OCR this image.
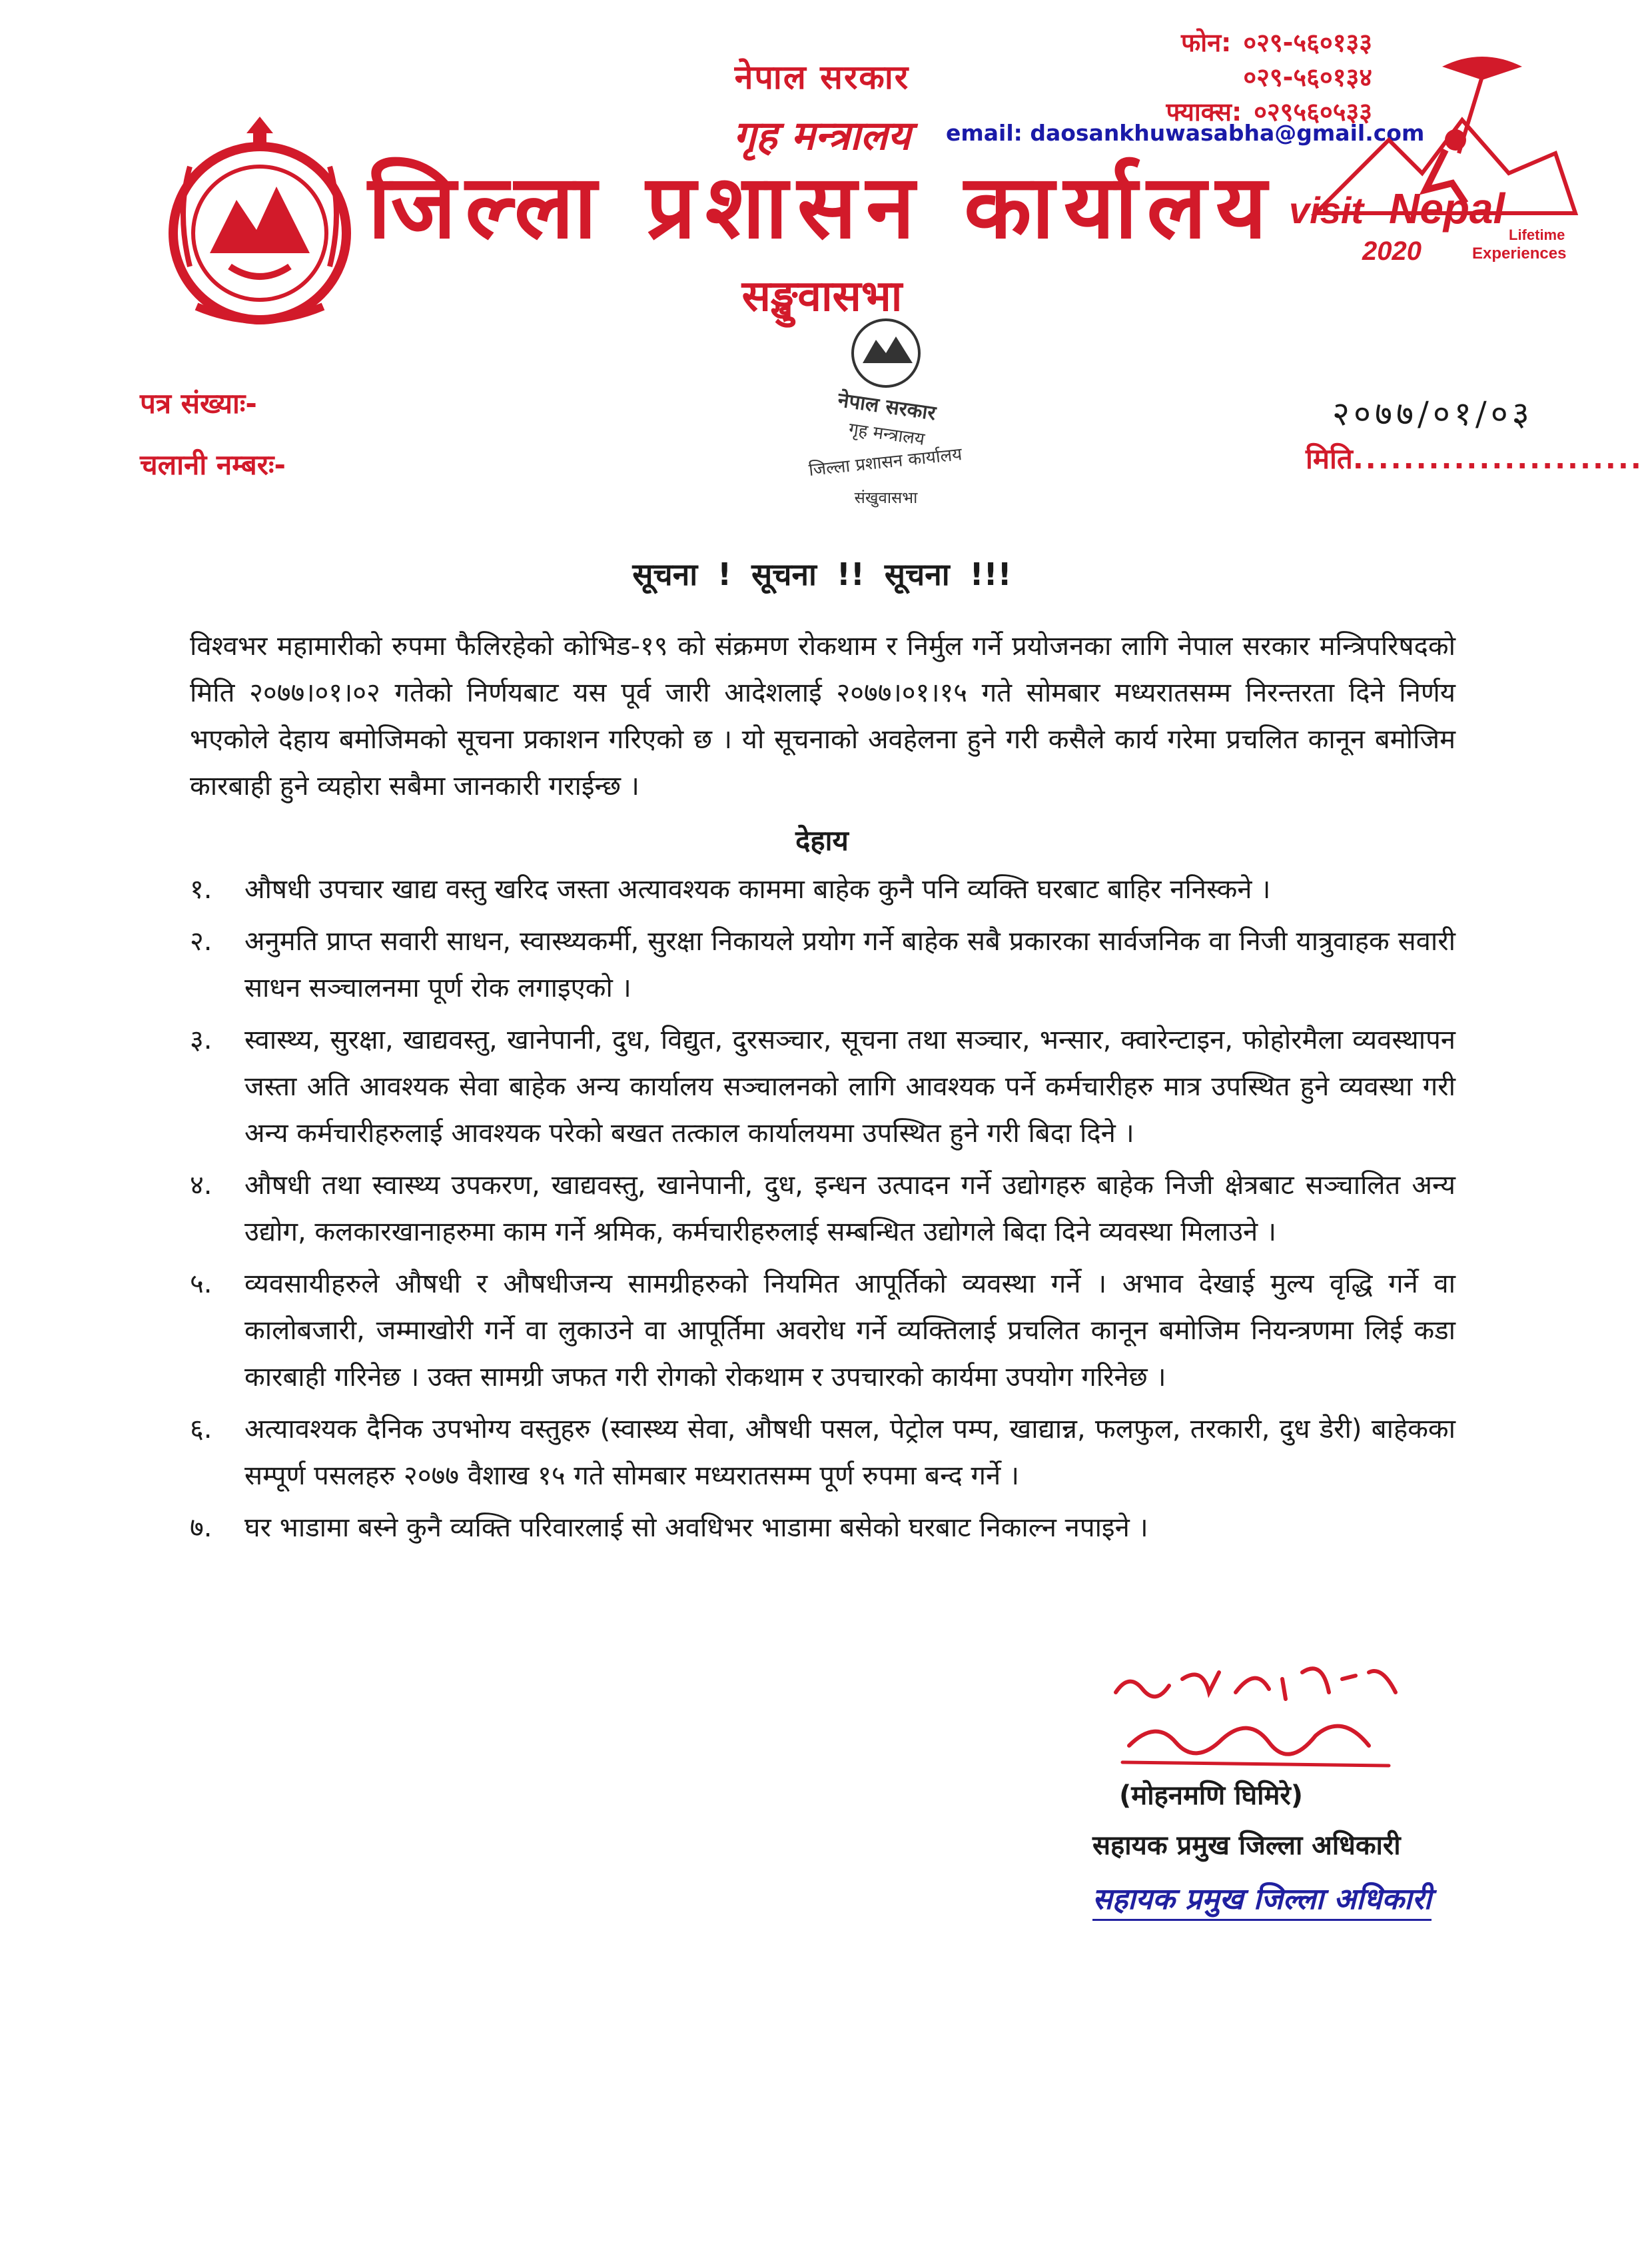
नेपाल सरकार
गृह मन्त्रालय
जिल्ला प्रशासन कार्यालय
सङ्खुवासभा
फोन: ०२९-५६०१३३
०२९-५६०१३४
फ्याक्स: ०२९५६०५३३
email: daosankhuwasabha@gmail.com
visit Nepal
2020
Lifetime
Experiences
पत्र संख्याः-
चलानी नम्बरः-
नेपाल सरकार
गृह मन्त्रालय
जिल्ला प्रशासन कार्यालय
संखुवासभा
२०७७/०१/०३
मिति.......................
सूचना ! सूचना !! सूचना !!!
विश्वभर महामारीको रुपमा फैलिरहेको कोभिड-१९ को संक्रमण रोकथाम र निर्मुल गर्ने प्रयोजनका लागि नेपाल सरकार मन्त्रिपरिषदको मिति २०७७।०१।०२ गतेको निर्णयबाट यस पूर्व जारी आदेशलाई २०७७।०१।१५ गते सोमबार मध्यरातसम्म निरन्तरता दिने निर्णय भएकोले देहाय बमोजिमको सूचना प्रकाशन गरिएको छ । यो सूचनाको अवहेलना हुने गरी कसैले कार्य गरेमा प्रचलित कानून बमोजिम कारबाही हुने व्यहोरा सबैमा जानकारी गराईन्छ ।
देहाय
१.	औषधी उपचार खाद्य वस्तु खरिद जस्ता अत्यावश्यक काममा बाहेक कुनै पनि व्यक्ति घरबाट बाहिर ननिस्कने ।
२.	अनुमति प्राप्त सवारी साधन, स्वास्थ्यकर्मी, सुरक्षा निकायले प्रयोग गर्ने बाहेक सबै प्रकारका सार्वजनिक वा निजी यात्रुवाहक सवारी साधन सञ्चालनमा पूर्ण रोक लगाइएको ।
३.	स्वास्थ्य, सुरक्षा, खाद्यवस्तु, खानेपानी, दुध, विद्युत, दुरसञ्चार, सूचना तथा सञ्चार, भन्सार, क्वारेन्टाइन, फोहोरमैला व्यवस्थापन जस्ता अति आवश्यक सेवा बाहेक अन्य कार्यालय सञ्चालनको लागि आवश्यक पर्ने कर्मचारीहरु मात्र उपस्थित हुने व्यवस्था गरी अन्य कर्मचारीहरुलाई आवश्यक परेको बखत तत्काल कार्यालयमा उपस्थित हुने गरी बिदा दिने ।
४.	औषधी तथा स्वास्थ्य उपकरण, खाद्यवस्तु, खानेपानी, दुध, इन्धन उत्पादन गर्ने उद्योगहरु बाहेक निजी क्षेत्रबाट सञ्चालित अन्य उद्योग, कलकारखानाहरुमा काम गर्ने श्रमिक, कर्मचारीहरुलाई सम्बन्धित उद्योगले बिदा दिने व्यवस्था मिलाउने ।
५.	व्यवसायीहरुले औषधी र औषधीजन्य सामग्रीहरुको नियमित आपूर्तिको व्यवस्था गर्ने । अभाव देखाई मुल्य वृद्धि गर्ने वा कालोबजारी, जम्माखोरी गर्ने वा लुकाउने वा आपूर्तिमा अवरोध गर्ने व्यक्तिलाई प्रचलित कानून बमोजिम नियन्त्रणमा लिई कडा कारबाही गरिनेछ । उक्त सामग्री जफत गरी रोगको रोकथाम र उपचारको कार्यमा उपयोग गरिनेछ ।
६.	अत्यावश्यक दैनिक उपभोग्य वस्तुहरु (स्वास्थ्य सेवा, औषधी पसल, पेट्रोल पम्प, खाद्यान्न, फलफुल, तरकारी, दुध डेरी) बाहेकका सम्पूर्ण पसलहरु २०७७ वैशाख १५ गते सोमबार मध्यरातसम्म पूर्ण रुपमा बन्द गर्ने ।
७.	घर भाडामा बस्ने कुनै व्यक्ति परिवारलाई सो अवधिभर भाडामा बसेको घरबाट निकाल्न नपाइने ।
(मोहनमणि घिमिरे)
सहायक प्रमुख जिल्ला अधिकारी
सहायक प्रमुख जिल्ला अधिकारी
